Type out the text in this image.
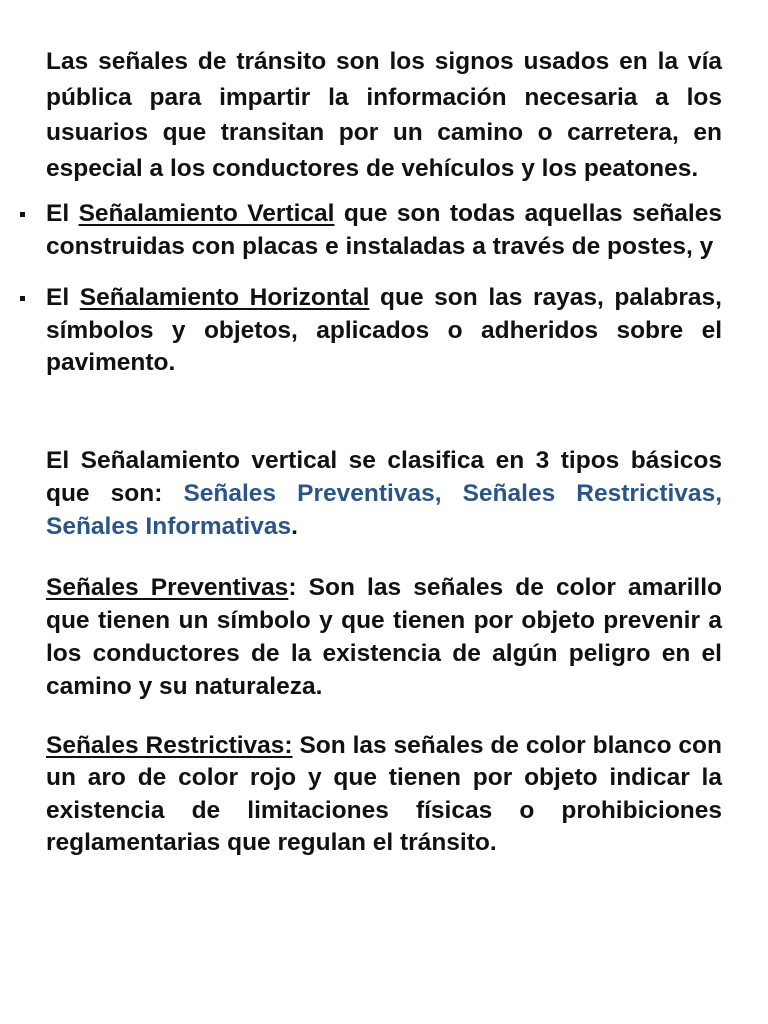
Las señales de tránsito son los signos usados en la vía pública para impartir la información necesaria a los usuarios que transitan por un camino o carretera, en especial a los conductores de vehículos y los peatones.

El Señalamiento Vertical que son todas aquellas señales construidas con placas e instaladas a través de postes, y
El Señalamiento Horizontal que son las rayas, palabras, símbolos y objetos, aplicados o adheridos sobre el pavimento.

El Señalamiento vertical se clasifica en 3 tipos básicos que son: Señales Preventivas, Señales Restrictivas, Señales Informativas.

Señales Preventivas: Son las señales de color amarillo que tienen un símbolo y que tienen por objeto prevenir a los conductores de la existencia de algún peligro en el camino y su naturaleza.

Señales Restrictivas: Son las señales de color blanco con un aro de color rojo y que tienen por objeto indicar la existencia de limitaciones físicas o prohibiciones reglamentarias que regulan el tránsito.
